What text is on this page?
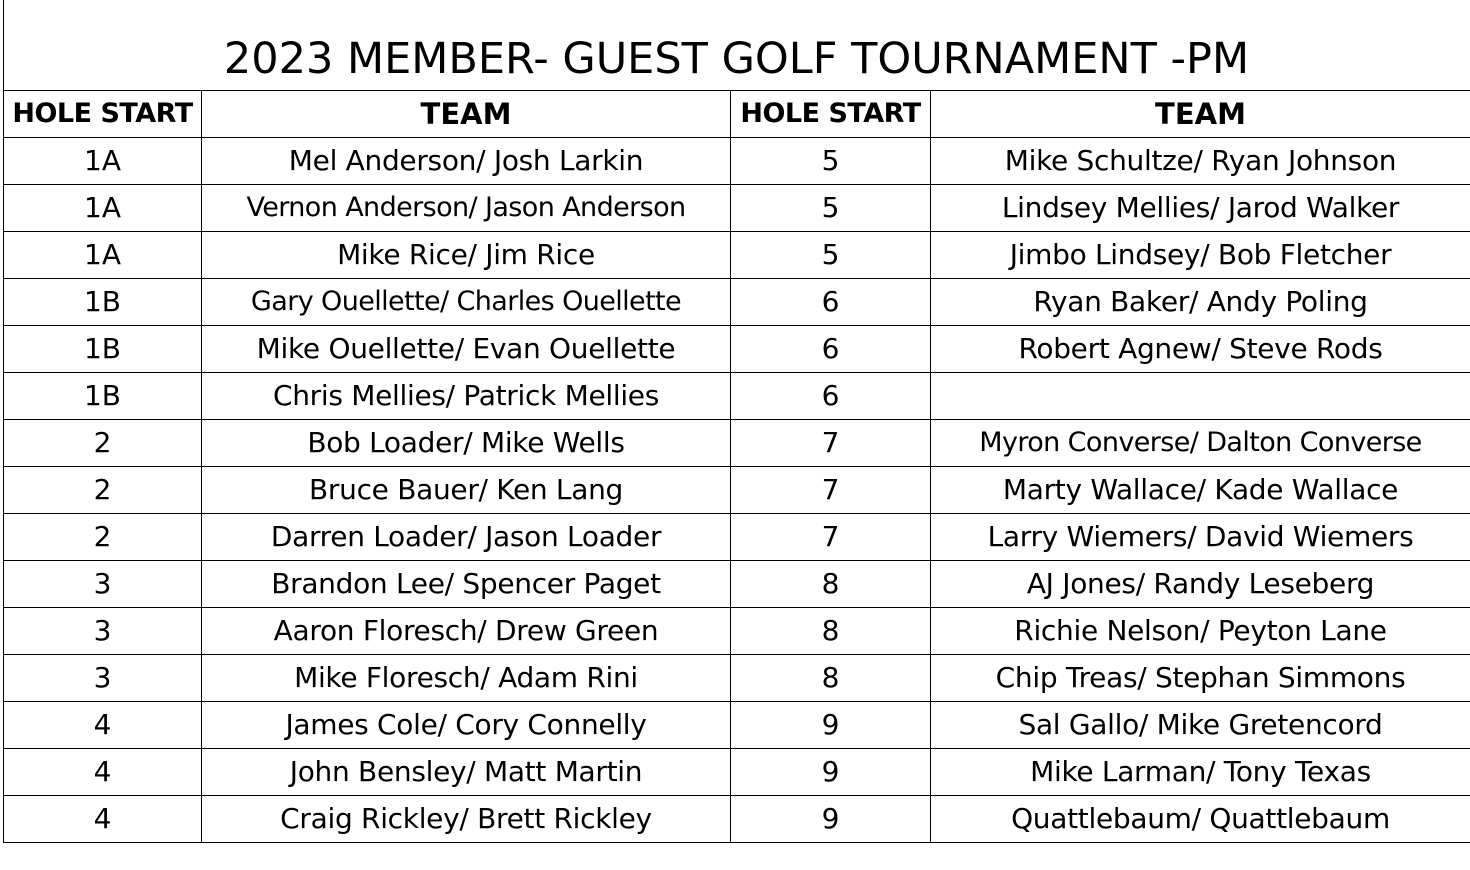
2023 MEMBER- GUEST GOLF TOURNAMENT -PM
HOLE START	TEAM	HOLE START	TEAM
1A	Mel Anderson/ Josh Larkin	5	Mike Schultze/ Ryan Johnson
1A	Vernon Anderson/ Jason Anderson	5	Lindsey Mellies/ Jarod Walker
1A	Mike Rice/ Jim Rice	5	Jimbo Lindsey/ Bob Fletcher
1B	Gary Ouellette/ Charles Ouellette	6	Ryan Baker/ Andy Poling
1B	Mike Ouellette/ Evan Ouellette	6	Robert Agnew/ Steve Rods
1B	Chris Mellies/ Patrick Mellies	6	
2	Bob Loader/ Mike Wells	7	Myron Converse/ Dalton Converse
2	Bruce Bauer/ Ken Lang	7	Marty Wallace/ Kade Wallace
2	Darren Loader/ Jason Loader	7	Larry Wiemers/ David Wiemers
3	Brandon Lee/ Spencer Paget	8	AJ Jones/ Randy Leseberg
3	Aaron Floresch/ Drew Green	8	Richie Nelson/ Peyton Lane
3	Mike Floresch/ Adam Rini	8	Chip Treas/ Stephan Simmons
4	James Cole/ Cory Connelly	9	Sal Gallo/ Mike Gretencord
4	John Bensley/ Matt Martin	9	Mike Larman/ Tony Texas
4	Craig Rickley/ Brett Rickley	9	Quattlebaum/ Quattlebaum
